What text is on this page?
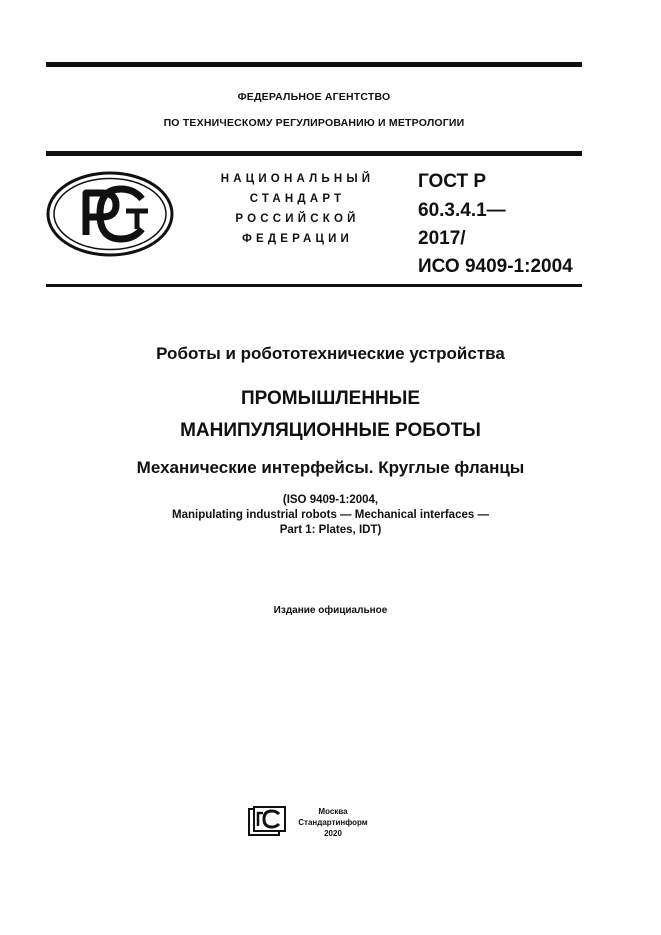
ФЕДЕРАЛЬНОЕ АГЕНТСТВО
ПО ТЕХНИЧЕСКОМУ РЕГУЛИРОВАНИЮ И МЕТРОЛОГИИ
НАЦИОНАЛЬНЫЙ
СТАНДАРТ
РОССИЙСКОЙ
ФЕДЕРАЦИИ
ГОСТ Р
60.3.4.1—
2017/
ИСО 9409-1:2004
Роботы и робототехнические устройства
ПРОМЫШЛЕННЫЕ
МАНИПУЛЯЦИОННЫЕ РОБОТЫ
Механические интерфейсы. Круглые фланцы
(ISO 9409-1:2004,
Manipulating industrial robots — Mechanical interfaces —
Part 1: Plates, IDT)
Издание официальное
Москва
Стандартинформ
2020
